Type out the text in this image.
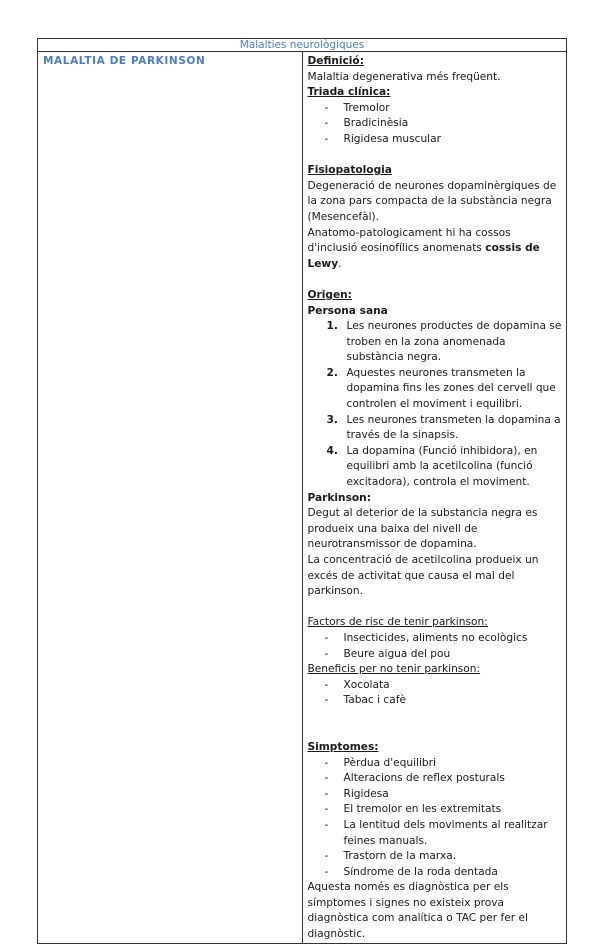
Malalties neurològiques

MALALTIA DE PARKINSON	Definició:

Malaltia degenerativa més freqüent.

Triada clínica:

- Tremolor
- Bradicinèsia
- Rigidesa muscular

Fisiopatologia

Degeneració de neurones dopaminèrgiques de la zona pars compacta de la substància negra (Mesencefàl).

Anatomo-patologicament hi ha cossos d'inclusió eosinofílics anomenats cossis de Lewy.

Origen:

Persona sana

Les neurones productes de dopamina se troben en la zona anomenada substància negra.
Aquestes neurones transmeten la dopamina fins les zones del cervell que controlen el moviment i equilibri.
Les neurones transmeten la dopamina a través de la sinapsis.
La dopamina (Funció inhibidora), en equilibri amb la acetilcolina (funció excitadora), controla el moviment.

Parkinson:

Degut al deterior de la substancia negra es produeix una baixa del nivell de neurotransmissor de dopamina.

La concentració de acetilcolina produeix un excés de activitat que causa el mal del parkinson.

Factors de risc de tenir parkinson:

- Insecticides, aliments no ecològics
- Beure aigua del pou

Beneficis per no tenir parkinson:

- Xocolata
- Tabac i cafè

Simptomes:

- Pèrdua d'equilibri
- Alteracions de reflex posturals
- Rigidesa
- El tremolor en les extremitats
- La lentitud dels moviments al realitzar feines manuals.
- Trastorn de la marxa.
- Síndrome de la roda dentada

Aquesta només es diagnòstica per els símptomes i signes no existeix prova diagnòstica com analítica o TAC per fer el diagnòstic.
